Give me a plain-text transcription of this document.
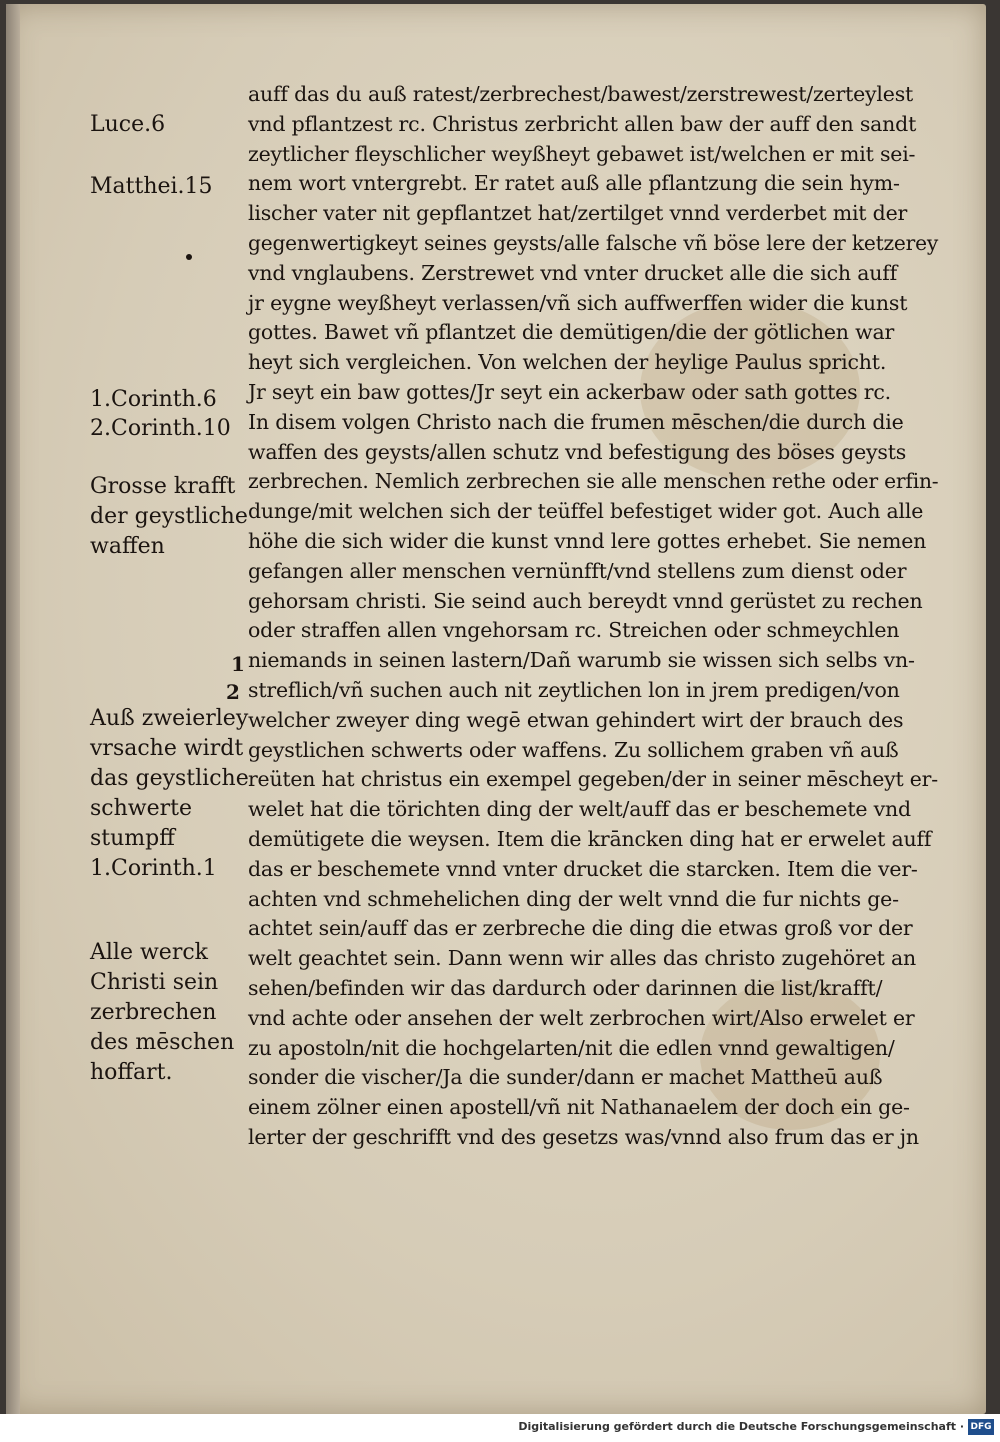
Luce.6
Matthei.15
1.Corinth.6
2.Corinth.10
Grosse krafft
der geystliche
waffen
Auß zweierley
vrsache wirdt
das geystliche
schwerte
stumpff
1.Corinth.1
Alle werck
Christi sein
zerbrechen
des mēschen
hoffart.
1
2
auff das du auß ratest/zerbrechest/bawest/zerstrewest/zerteylest
vnd pflantzest rc. Christus zerbricht allen baw der auff den sandt
zeytlicher fleyschlicher weyßheyt gebawet ist/welchen er mit sei-
nem wort vntergrebt. Er ratet auß alle pflantzung die sein hym-
lischer vater nit gepflantzet hat/zertilget vnnd verderbet mit der
gegenwertigkeyt seines geysts/alle falsche vñ böse lere der ketzerey
vnd vnglaubens. Zerstrewet vnd vnter drucket alle die sich auff
jr eygne weyßheyt verlassen/vñ sich auffwerffen wider die kunst
gottes. Bawet vñ pflantzet die demütigen/die der götlichen war
heyt sich vergleichen. Von welchen der heylige Paulus spricht.
Jr seyt ein baw gottes/Jr seyt ein ackerbaw oder sath gottes rc.
In disem volgen Christo nach die frumen mēschen/die durch die
waffen des geysts/allen schutz vnd befestigung des böses geysts
zerbrechen. Nemlich zerbrechen sie alle menschen rethe oder erfin-
dunge/mit welchen sich der teüffel befestiget wider got. Auch alle
höhe die sich wider die kunst vnnd lere gottes erhebet. Sie nemen
gefangen aller menschen vernünfft/vnd stellens zum dienst oder
gehorsam christi. Sie seind auch bereydt vnnd gerüstet zu rechen
oder straffen allen vngehorsam rc. Streichen oder schmeychlen
niemands in seinen lastern/Dañ warumb sie wissen sich selbs vn-
streflich/vñ suchen auch nit zeytlichen lon in jrem predigen/von
welcher zweyer ding wegē etwan gehindert wirt der brauch des
geystlichen schwerts oder waffens. Zu sollichem graben vñ auß
reüten hat christus ein exempel gegeben/der in seiner mēscheyt er-
welet hat die törichten ding der welt/auff das er beschemete vnd
demütigete die weysen. Item die krāncken ding hat er erwelet auff
das er beschemete vnnd vnter drucket die starcken. Item die ver-
achten vnd schmehelichen ding der welt vnnd die fur nichts ge-
achtet sein/auff das er zerbreche die ding die etwas groß vor der
welt geachtet sein. Dann wenn wir alles das christo zugehöret an
sehen/befinden wir das dardurch oder darinnen die list/krafft/
vnd achte oder ansehen der welt zerbrochen wirt/Also erwelet er
zu apostoln/nit die hochgelarten/nit die edlen vnnd gewaltigen/
sonder die vischer/Ja die sunder/dann er machet Mattheū auß
einem zölner einen apostell/vñ nit Nathanaelem der doch ein ge-
lerter der geschrifft vnd des gesetzs was/vnnd also frum das er jn
Digitalisierung gefördert durch die Deutsche Forschungsgemeinschaft · DFG
